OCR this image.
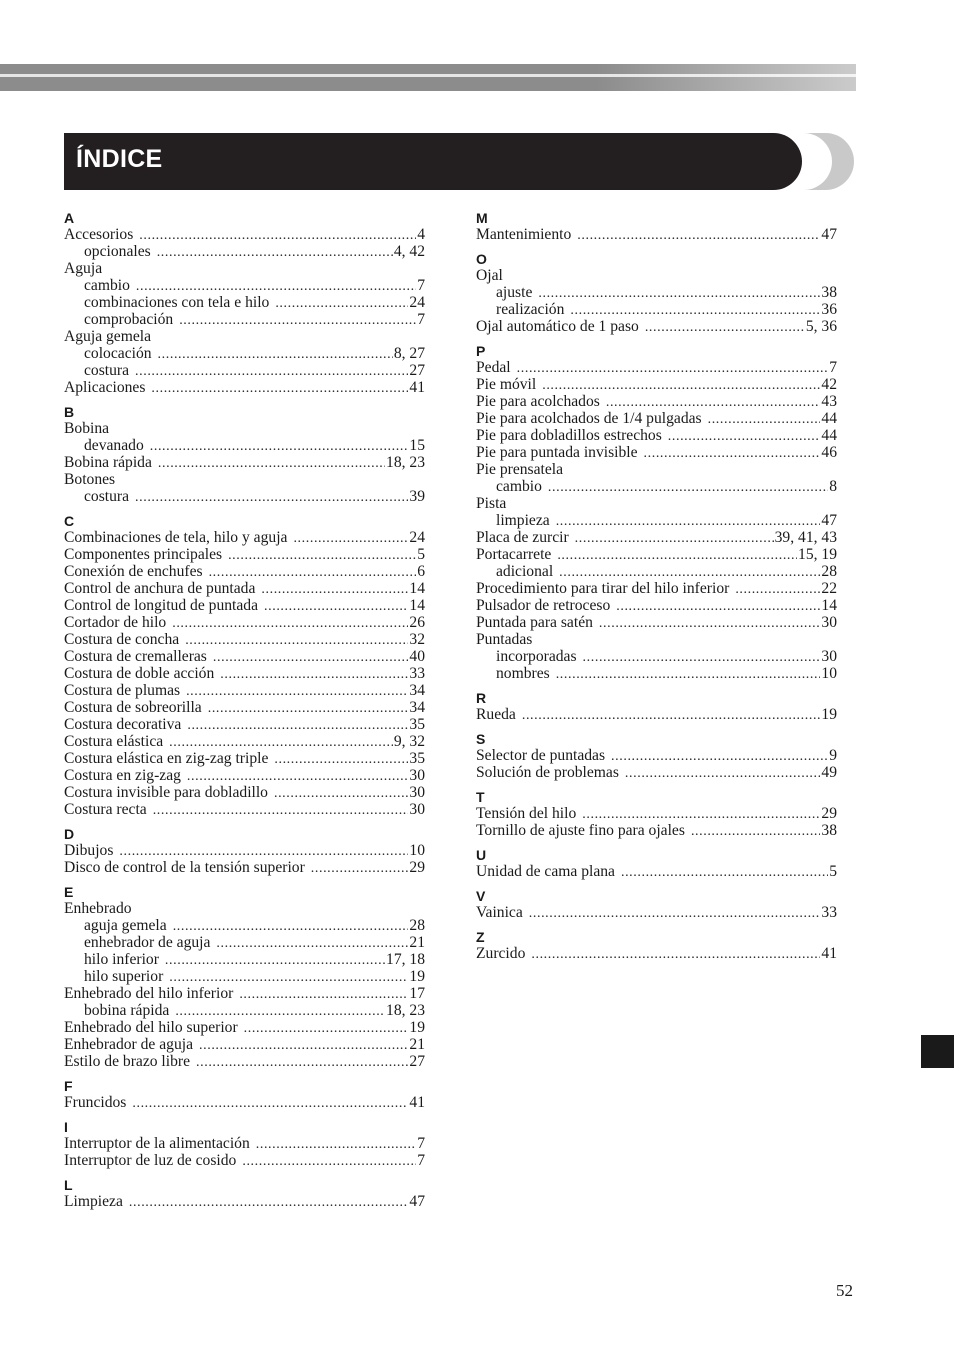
ÍNDICE
A
Accesorios .....	4
opcionales .....	4, 42
Aguja
cambio .....	7
combinaciones con tela e hilo .....	24
comprobación .....	7
Aguja gemela
colocación .....	8, 27
costura .....	27
Aplicaciones .....	41
B
Bobina
devanado .....	15
Bobina rápida .....	18, 23
Botones
costura .....	39
C
Combinaciones de tela, hilo y aguja .....	24
Componentes principales .....	5
Conexión de enchufes .....	6
Control de anchura de puntada .....	14
Control de longitud de puntada .....	14
Cortador de hilo .....	26
Costura de concha .....	32
Costura de cremalleras .....	40
Costura de doble acción .....	33
Costura de plumas .....	34
Costura de sobreorilla .....	34
Costura decorativa .....	35
Costura elástica .....	9, 32
Costura elástica en zig-zag triple .....	35
Costura en zig-zag .....	30
Costura invisible para dobladillo .....	30
Costura recta .....	30
D
Dibujos .....	10
Disco de control de la tensión superior .....	29
E
Enhebrado
aguja gemela .....	28
enhebrador de aguja .....	21
hilo inferior .....	17, 18
hilo superior .....	19
Enhebrado del hilo inferior .....	17
bobina rápida .....	18, 23
Enhebrado del hilo superior .....	19
Enhebrador de aguja .....	21
Estilo de brazo libre .....	27
F
Fruncidos .....	41
I
Interruptor de la alimentación .....	7
Interruptor de luz de cosido .....	7
L
Limpieza .....	47
M
Mantenimiento .....	47
O
Ojal
ajuste .....	38
realización .....	36
Ojal automático de 1 paso .....	5, 36
P
Pedal .....	7
Pie móvil .....	42
Pie para acolchados .....	43
Pie para acolchados de 1/4 pulgadas .....	44
Pie para dobladillos estrechos .....	44
Pie para puntada invisible .....	46
Pie prensatela
cambio .....	8
Pista
limpieza .....	47
Placa de zurcir .....	39, 41, 43
Portacarrete .....	15, 19
adicional .....	28
Procedimiento para tirar del hilo inferior .....	22
Pulsador de retroceso .....	14
Puntada para satén .....	30
Puntadas
incorporadas .....	30
nombres .....	10
R
Rueda .....	19
S
Selector de puntadas .....	9
Solución de problemas .....	49
T
Tensión del hilo .....	29
Tornillo de ajuste fino para ojales .....	38
U
Unidad de cama plana .....	5
V
Vainica .....	33
Z
Zurcido .....	41
52
